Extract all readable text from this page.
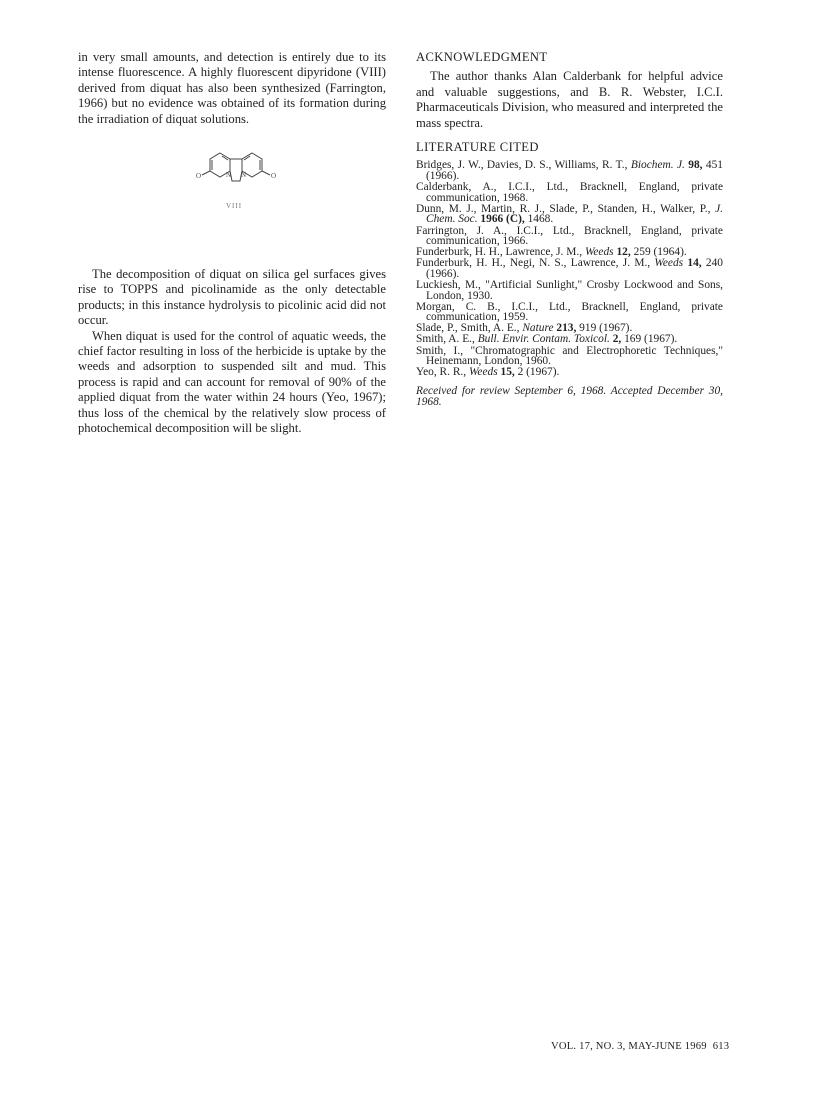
in very small amounts, and detection is entirely due to its intense fluorescence. A highly fluorescent dipyridone (VIII) derived from diquat has also been synthesized (Farrington, 1966) but no evidence was obtained of its formation during the irradiation of diquat solutions.

O	N N	O
VIII

The decomposition of diquat on silica gel surfaces gives rise to TOPPS and picolinamide as the only detectable products; in this instance hydrolysis to picolinic acid did not occur.

When diquat is used for the control of aquatic weeds, the chief factor resulting in loss of the herbicide is uptake by the weeds and adsorption to suspended silt and mud. This process is rapid and can account for removal of 90% of the applied diquat from the water within 24 hours (Yeo, 1967); thus loss of the chemical by the relatively slow process of photochemical decomposition will be slight.

ACKNOWLEDGMENT

The author thanks Alan Calderbank for helpful advice and valuable suggestions, and B. R. Webster, I.C.I. Pharmaceuticals Division, who measured and interpreted the mass spectra.

LITERATURE CITED

Bridges, J. W., Davies, D. S., Williams, R. T., Biochem. J. 98, 451 (1966).

Calderbank, A., I.C.I., Ltd., Bracknell, England, private communication, 1968.

Dunn, M. J., Martin, R. J., Slade, P., Standen, H., Walker, P., J. Chem. Soc. 1966 (C), 1468.

Farrington, J. A., I.C.I., Ltd., Bracknell, England, private communication, 1966.

Funderburk, H. H., Lawrence, J. M., Weeds 12, 259 (1964).

Funderburk, H. H., Negi, N. S., Lawrence, J. M., Weeds 14, 240 (1966).

Luckiesh, M., "Artificial Sunlight," Crosby Lockwood and Sons, London, 1930.

Morgan, C. B., I.C.I., Ltd., Bracknell, England, private communication, 1959.

Slade, P., Smith, A. E., Nature 213, 919 (1967).

Smith, A. E., Bull. Envir. Contam. Toxicol. 2, 169 (1967).

Smith, I., "Chromatographic and Electrophoretic Techniques," Heinemann, London, 1960.

Yeo, R. R., Weeds 15, 2 (1967).

Received for review September 6, 1968. Accepted December 30, 1968.

VOL. 17, NO. 3, MAY-JUNE 1969 613
